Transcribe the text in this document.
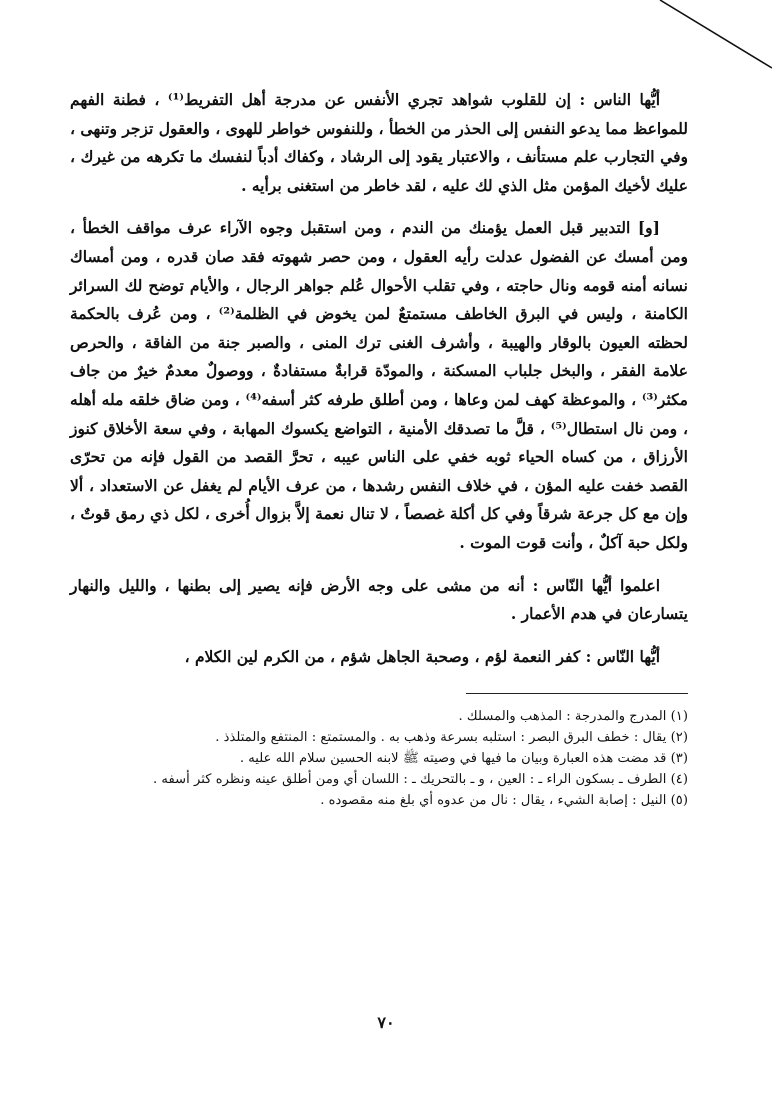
أيُّها الناس : إن للقلوب شواهد تجري الأنفس عن مدرجة أهل التفريط⁽¹⁾ ، فطنة الفهم للمواعظ مما يدعو النفس إلى الحذر من الخطأ ، وللنفوس خواطر للهوى ، والعقول تزجر وتنهى ، وفي التجارب علم مستأنف ، والاعتبار يقود إلى الرشاد ، وكفاك أدباً لنفسك ما تكرهه من غيرك ، عليك لأخيك المؤمن مثل الذي لك عليه ، لقد خاطر من استغنى برأيه .

[و] التدبير قبل العمل يؤمنك من الندم ، ومن استقبل وجوه الآراء عرف مواقف الخطأ ، ومن أمسك عن الفضول عدلت رأيه العقول ، ومن حصر شهوته فقد صان قدره ، ومن أمساك نسانه أمنه قومه ونال حاجته ، وفي تقلب الأحوال عُلم جواهر الرجال ، والأيام توضح لك السرائر الكامنة ، وليس في البرق الخاطف مستمتعٌ لمن يخوض في الظلمة⁽²⁾ ، ومن عُرف بالحكمة لحظته العيون بالوقار والهيبة ، وأشرف الغنى ترك المنى ، والصبر جنة من الفاقة ، والحرص علامة الفقر ، والبخل جلباب المسكنة ، والمودّة قرابةٌ مستفادةٌ ، ووصولٌ معدمٌ خيرٌ من جاف مكثر⁽³⁾ ، والموعظة كهف لمن وعاها ، ومن أطلق طرفه كثر أسفه⁽⁴⁾ ، ومن ضاق خلقه مله أهله ، ومن نال استطال⁽⁵⁾ ، قلَّ ما تصدقك الأمنية ، التواضع يكسوك المهابة ، وفي سعة الأخلاق كنوز الأرزاق ، من كساه الحياء ثوبه خفي على الناس عيبه ، تحرَّ القصد من القول فإنه من تحرّى القصد خفت عليه المؤن ، في خلاف النفس رشدها ، من عرف الأيام لم يغفل عن الاستعداد ، ألا وإن مع كل جرعة شرقاً وفي كل أكلة غصصاً ، لا تنال نعمة إلاَّ بزوال أُخرى ، لكل ذي رمق قوتٌ ، ولكل حبة آكلٌ ، وأنت قوت الموت .

اعلموا أيُّها النّاس : أنه من مشى على وجه الأرض فإنه يصير إلى بطنها ، والليل والنهار يتسارعان في هدم الأعمار .

أيُّها النّاس : كفر النعمة لؤم ، وصحبة الجاهل شؤم ، من الكرم لين الكلام ،

(١) المدرج والمدرجة : المذهب والمسلك .
(٢) يقال : خطف البرق البصر : استلبه بسرعة وذهب به . والمستمتع : المنتفع والمتلذذ .
(٣) قد مضت هذه العبارة وبيان ما فيها في وصيته ﷺ لابنه الحسين سلام الله عليه .
(٤) الطرف ـ بسكون الراء ـ : العين ، و ـ بالتحريك ـ : اللسان أي ومن أطلق عينه ونظره كثر أسفه .
(٥) النيل : إصابة الشيء ، يقال : نال من عدوه أي بلغ منه مقصوده .
٧٠
